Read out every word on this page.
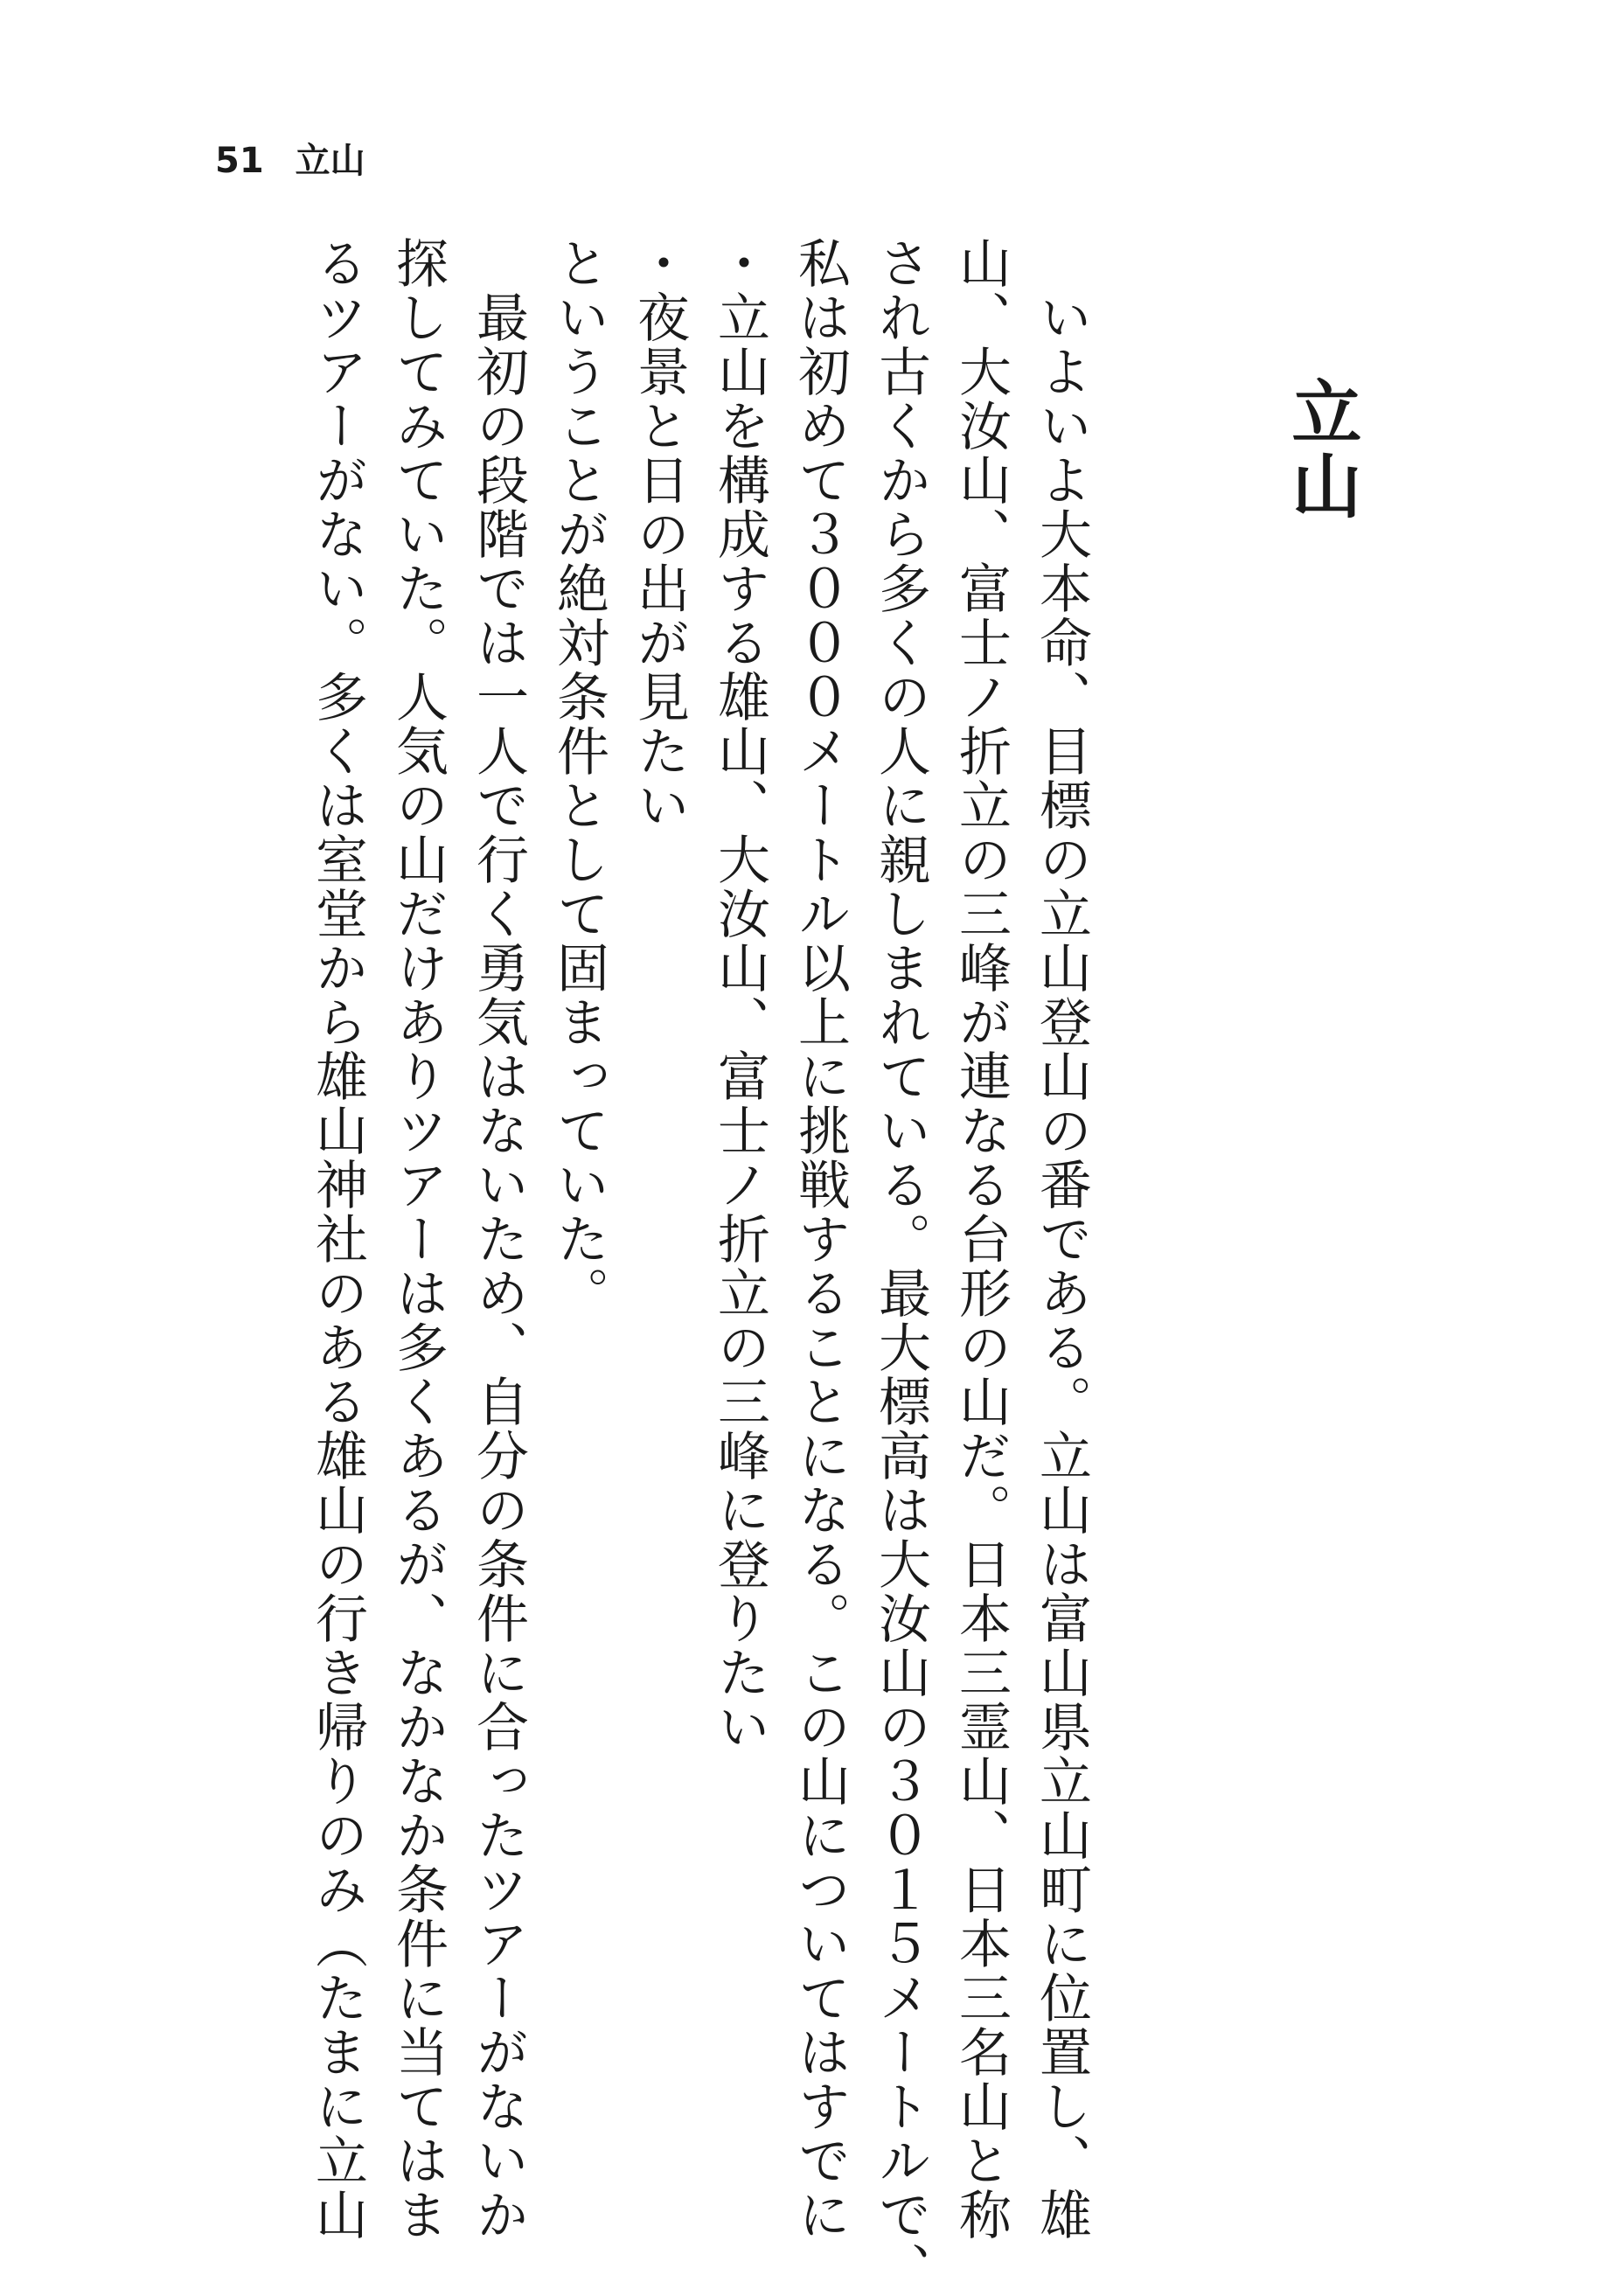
51 立山
立山
いよいよ大本命、目標の立山登山の番である。立山は富山県立山町に位置し、雄
山、大汝山、富士ノ折立の三峰が連なる台形の山だ。日本三霊山、日本三名山と称
され古くから多くの人に親しまれている。最大標高は大汝山の３０１５メートルで、
私は初めて３０００メートル以上に挑戦することになる。この山についてはすでに
・立山を構成する雄山、大汝山、富士ノ折立の三峰に登りたい
・夜景と日の出が見たい
ということが絶対条件として固まっていた。
最初の段階では一人で行く勇気はないため、自分の条件に合ったツアーがないか
探してみていた。人気の山だけありツアーは多くあるが、なかなか条件に当てはま
るツアーがない。多くは室堂から雄山神社のある雄山の行き帰りのみ（たまに立山
